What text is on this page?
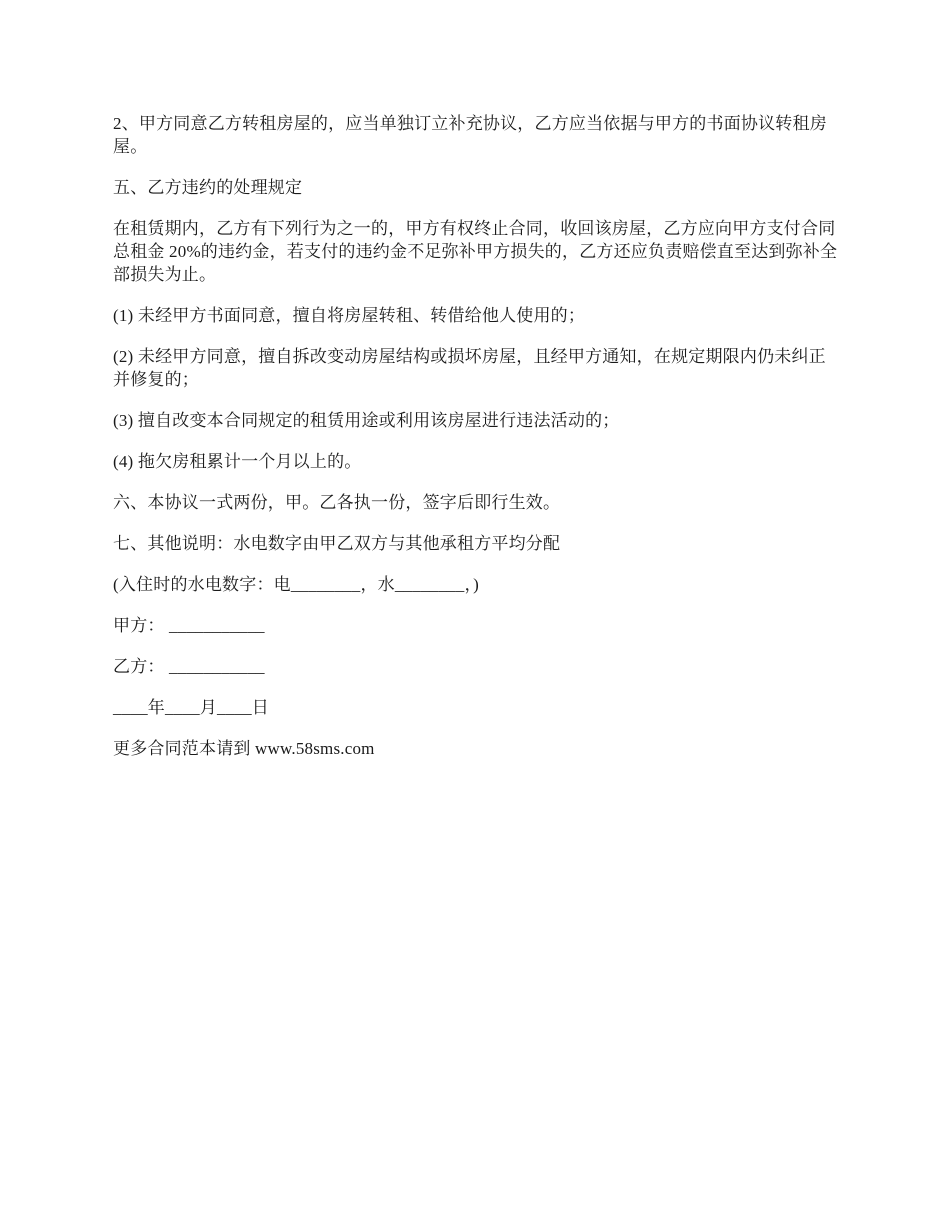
2、甲方同意乙方转租房屋的，应当单独订立补充协议，乙方应当依据与甲方的书面协议转租房屋。

五、乙方违约的处理规定

在租赁期内，乙方有下列行为之一的，甲方有权终止合同，收回该房屋，乙方应向甲方支付合同总租金 20%的违约金，若支付的违约金不足弥补甲方损失的，乙方还应负责赔偿直至达到弥补全部损失为止。

(1) 未经甲方书面同意，擅自将房屋转租、转借给他人使用的；

(2) 未经甲方同意，擅自拆改变动房屋结构或损坏房屋，且经甲方通知，在规定期限内仍未纠正并修复的；

(3) 擅自改变本合同规定的租赁用途或利用该房屋进行违法活动的；

(4) 拖欠房租累计一个月以上的。

六、本协议一式两份，甲。乙各执一份，签字后即行生效。

七、其他说明：水电数字由甲乙双方与其他承租方平均分配

(入住时的水电数字：电________，水________，)

甲方： ___________

乙方： ___________

____年____月____日

更多合同范本请到 www.58sms.com
